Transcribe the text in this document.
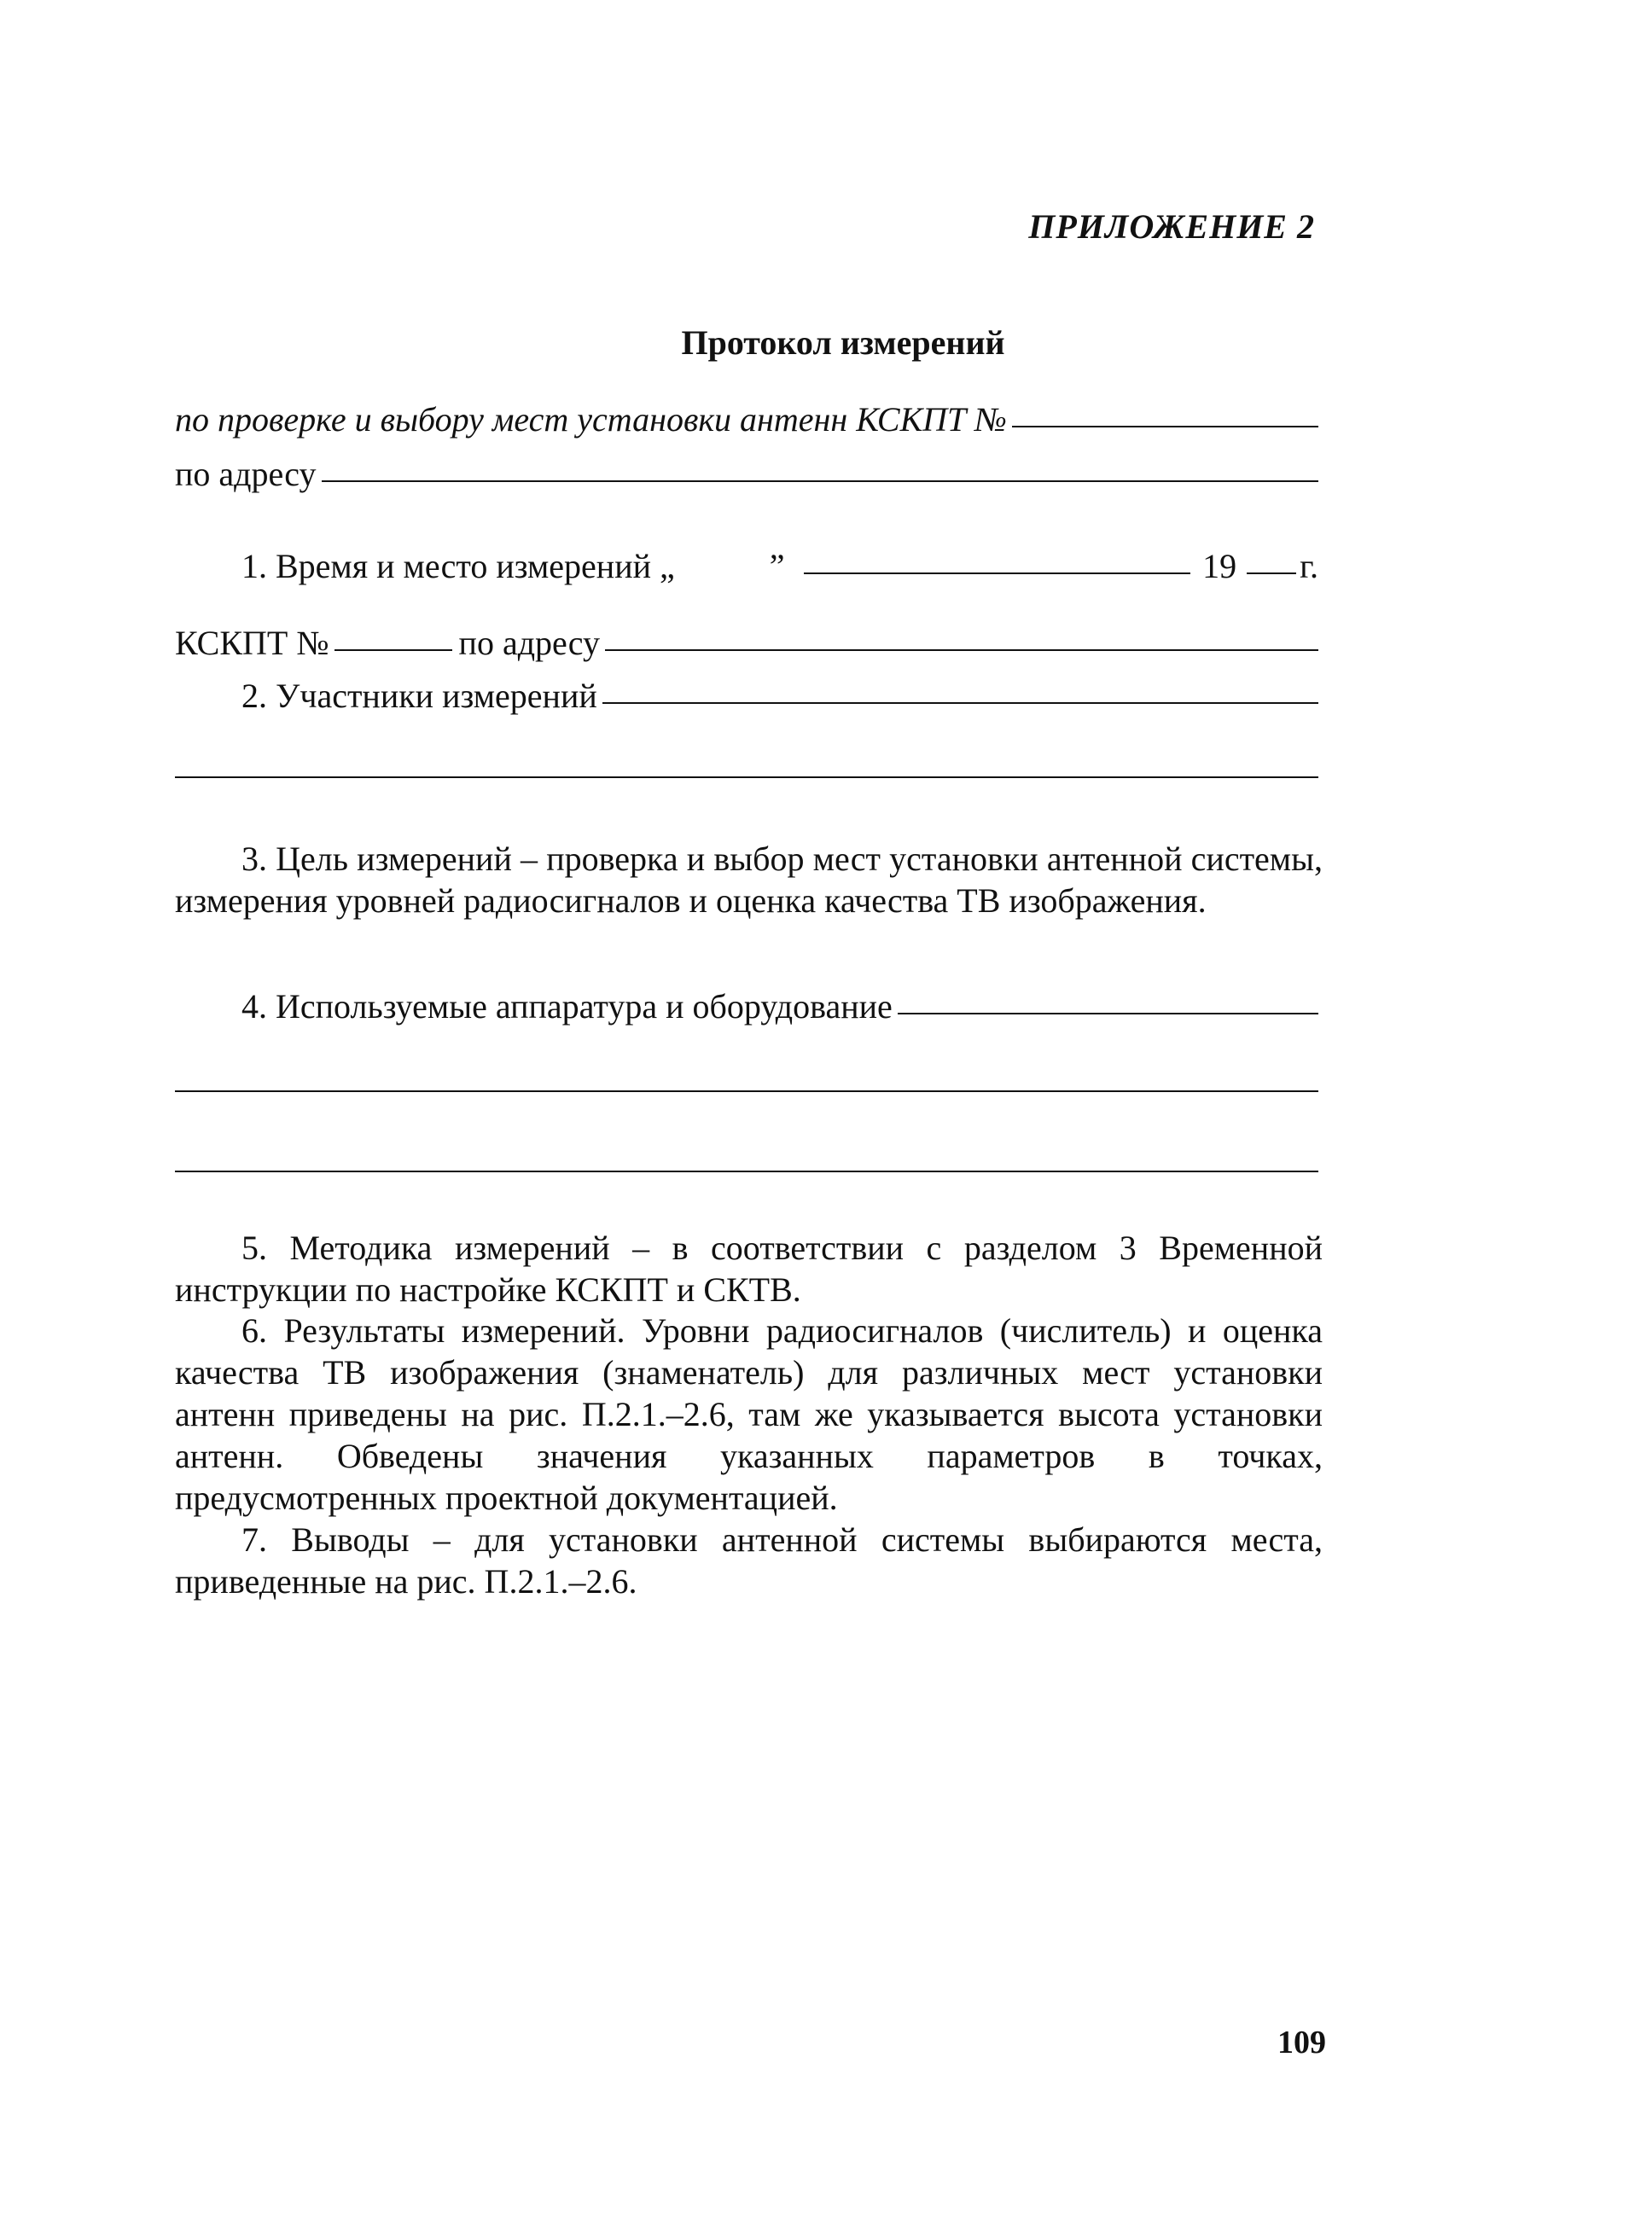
ПРИЛОЖЕНИЕ 2
Протокол измерений
по проверке и выбору мест установки антенн КСКПТ №
по адресу
1. Время и место измерений „	”	19 г.
КСКПТ №	по адресу
2. Участники измерений

3. Цель измерений – проверка и выбор мест установки антенной системы, измерения уровней радиосигналов и оценка качества ТВ изображения.

4. Используемые аппаратура и оборудование

5. Методика измерений – в соответствии с разделом 3 Временной инструкции по настройке КСКПТ и СКТВ.

6. Результаты измерений. Уровни радиосигналов (числитель) и оценка качества ТВ изображения (знаменатель) для различных мест установки антенн приведены на рис. П.2.1.–2.6, там же указывается высота установки антенн. Обведены значения указанных параметров в точках, предусмотренных проектной документацией.

7. Выводы – для установки антенной системы выбираются места, приведенные на рис. П.2.1.–2.6.

109
